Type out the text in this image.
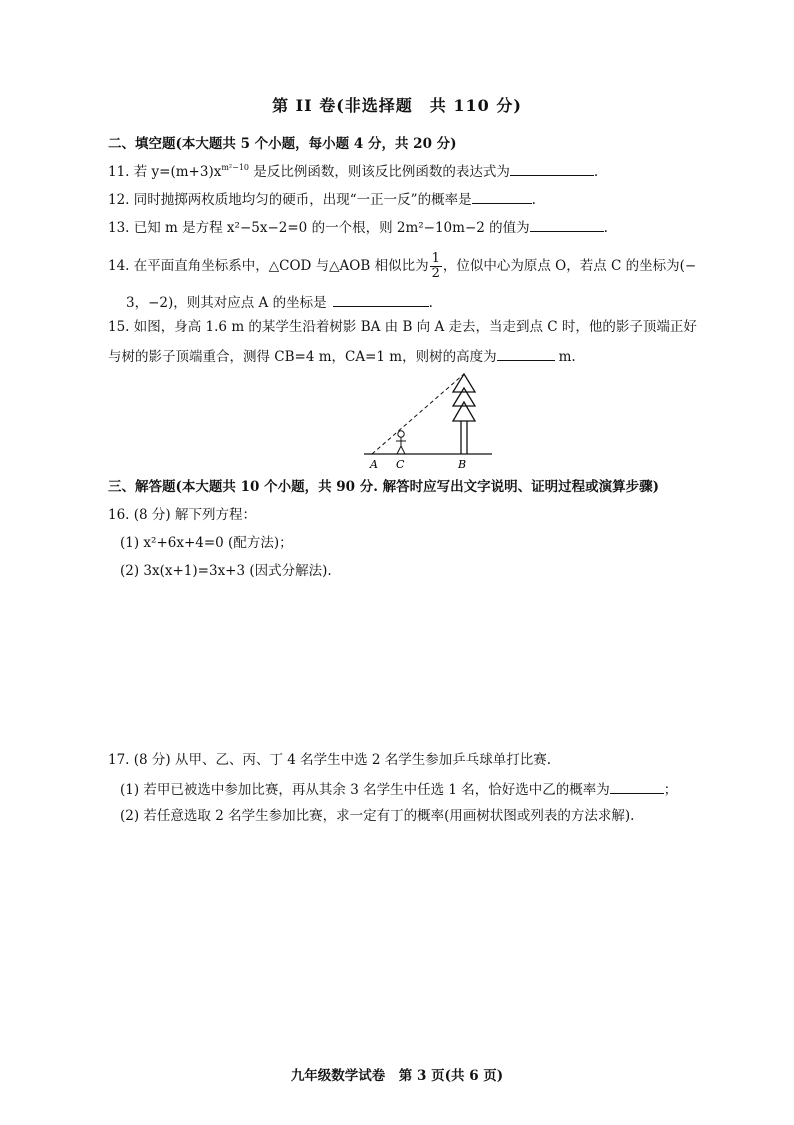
第 II 卷(非选择题　共 110 分)
二、填空题(本大题共 5 个小题，每小题 4 分，共 20 分)
11. 若 $y=(m+3)x^{m^2-10}$ 是反比例函数，则该反比例函数的表达式为	.
12. 同时抛掷两枚质地均匀的硬币，出现“一正一反”的概率是	.
13. 已知 m 是方程 x²−5x−2=0 的一个根，则 2m²−10m−2 的值为	.
14. 在平面直角坐标系中，△COD 与△AOB 相似比为 $\frac{1}{2}$ ，位似中心为原点 O，若点 C 的坐标为(−
3，−2)，则其对应点 A 的坐标是	.
15. 如图，身高 1.6 m 的某学生沿着树影 BA 由 B 向 A 走去，当走到点 C 时，他的影子顶端正好
与树的影子顶端重合，测得 CB=4 m，CA=1 m，则树的高度为	m.
A C	B
三、解答题(本大题共 10 个小题，共 90 分. 解答时应写出文字说明、证明过程或演算步骤)
16. (8 分) 解下列方程：
(1) x²+6x+4=0 (配方法)；
(2) 3x(x+1)=3x+3 (因式分解法).
17. (8 分) 从甲、乙、丙、丁 4 名学生中选 2 名学生参加乒乓球单打比赛.
(1) 若甲已被选中参加比赛，再从其余 3 名学生中任选 1 名，恰好选中乙的概率为	；
(2) 若任意选取 2 名学生参加比赛，求一定有丁的概率(用画树状图或列表的方法求解).
九年级数学试卷　第 3 页(共 6 页)
